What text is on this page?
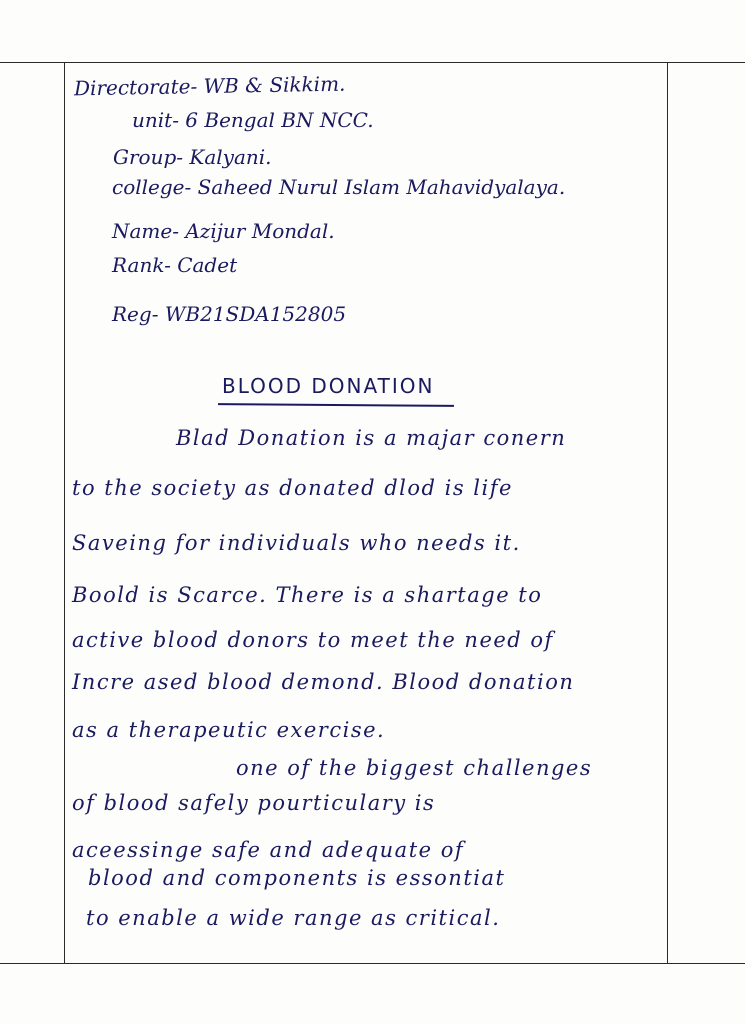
Directorate- WB & Sikkim.
unit- 6 Bengal BN NCC.
Group- Kalyani.
college- Saheed Nurul Islam Mahavidyalaya.
Name- Azijur Mondal.
Rank- Cadet
Reg- WB21SDA152805
BLOOD DONATION
Blad Donation is a majar conern
to the society as donated dlod is life
Saveing for individuals who needs it.
Boold is Scarce. There is a shartage to
active blood donors to meet the need of
Incre ased blood demond. Blood donation
as a therapeutic exercise.
one of the biggest challenges
of blood safely pourticulary is
aceessinge safe and adequate of
blood and components is essontiat
to enable a wide range as critical.
